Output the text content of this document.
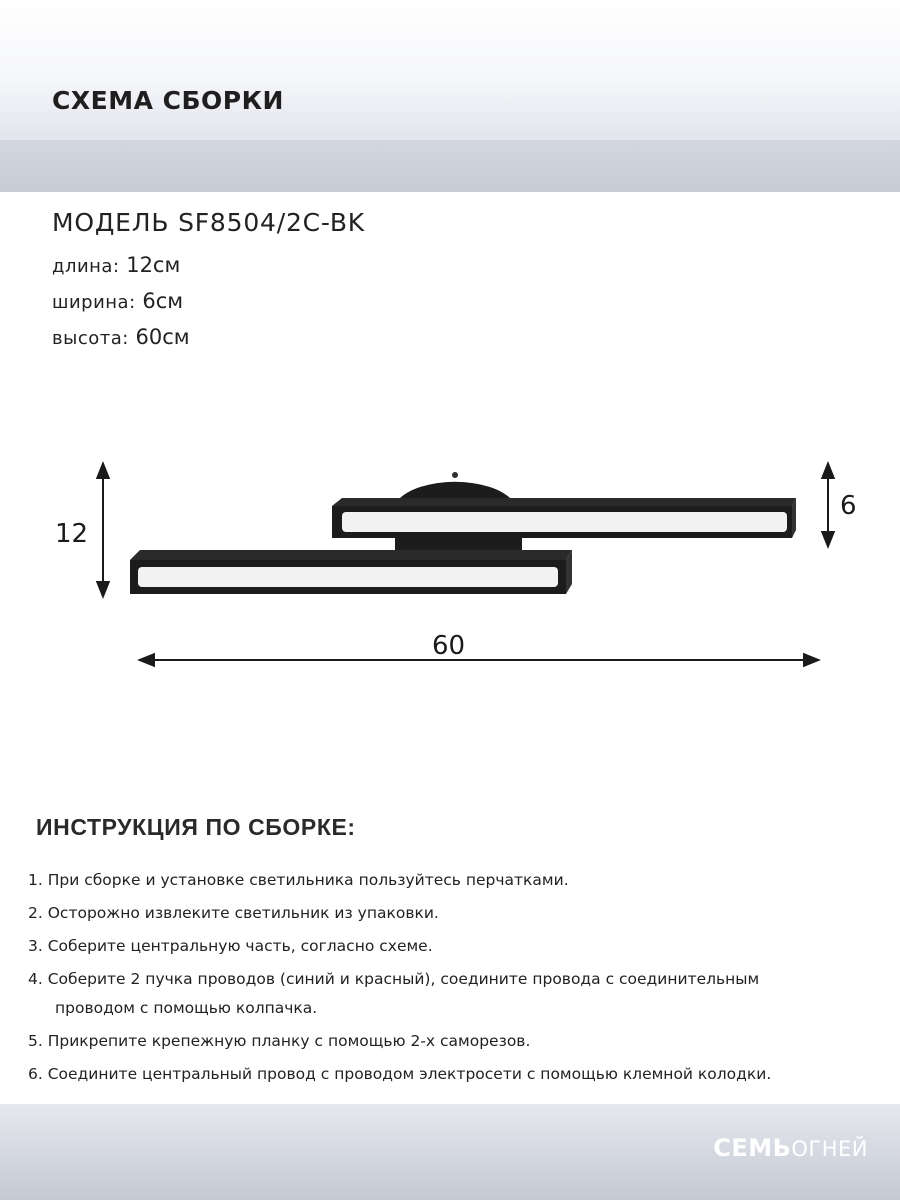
СХЕМА СБОРКИ

МОДЕЛЬ SF8504/2C-BK

длина: 12см

ширина: 6см

высота: 60см

12
6
60
ИНСТРУКЦИЯ ПО СБОРКЕ:
1. При сборке и установке светильника пользуйтесь перчатками.
2. Осторожно извлеките светильник из упаковки.
3. Соберите центральную часть, согласно схеме.
4. Соберите 2 пучка проводов (синий и красный), соедините провода с соединительным
проводом с помощью колпачка.
5. Прикрепите крепежную планку с помощью 2-х саморезов.
6. Соедините центральный провод с проводом электросети с помощью клемной колодки.
СЕМЬОГНЕЙ
